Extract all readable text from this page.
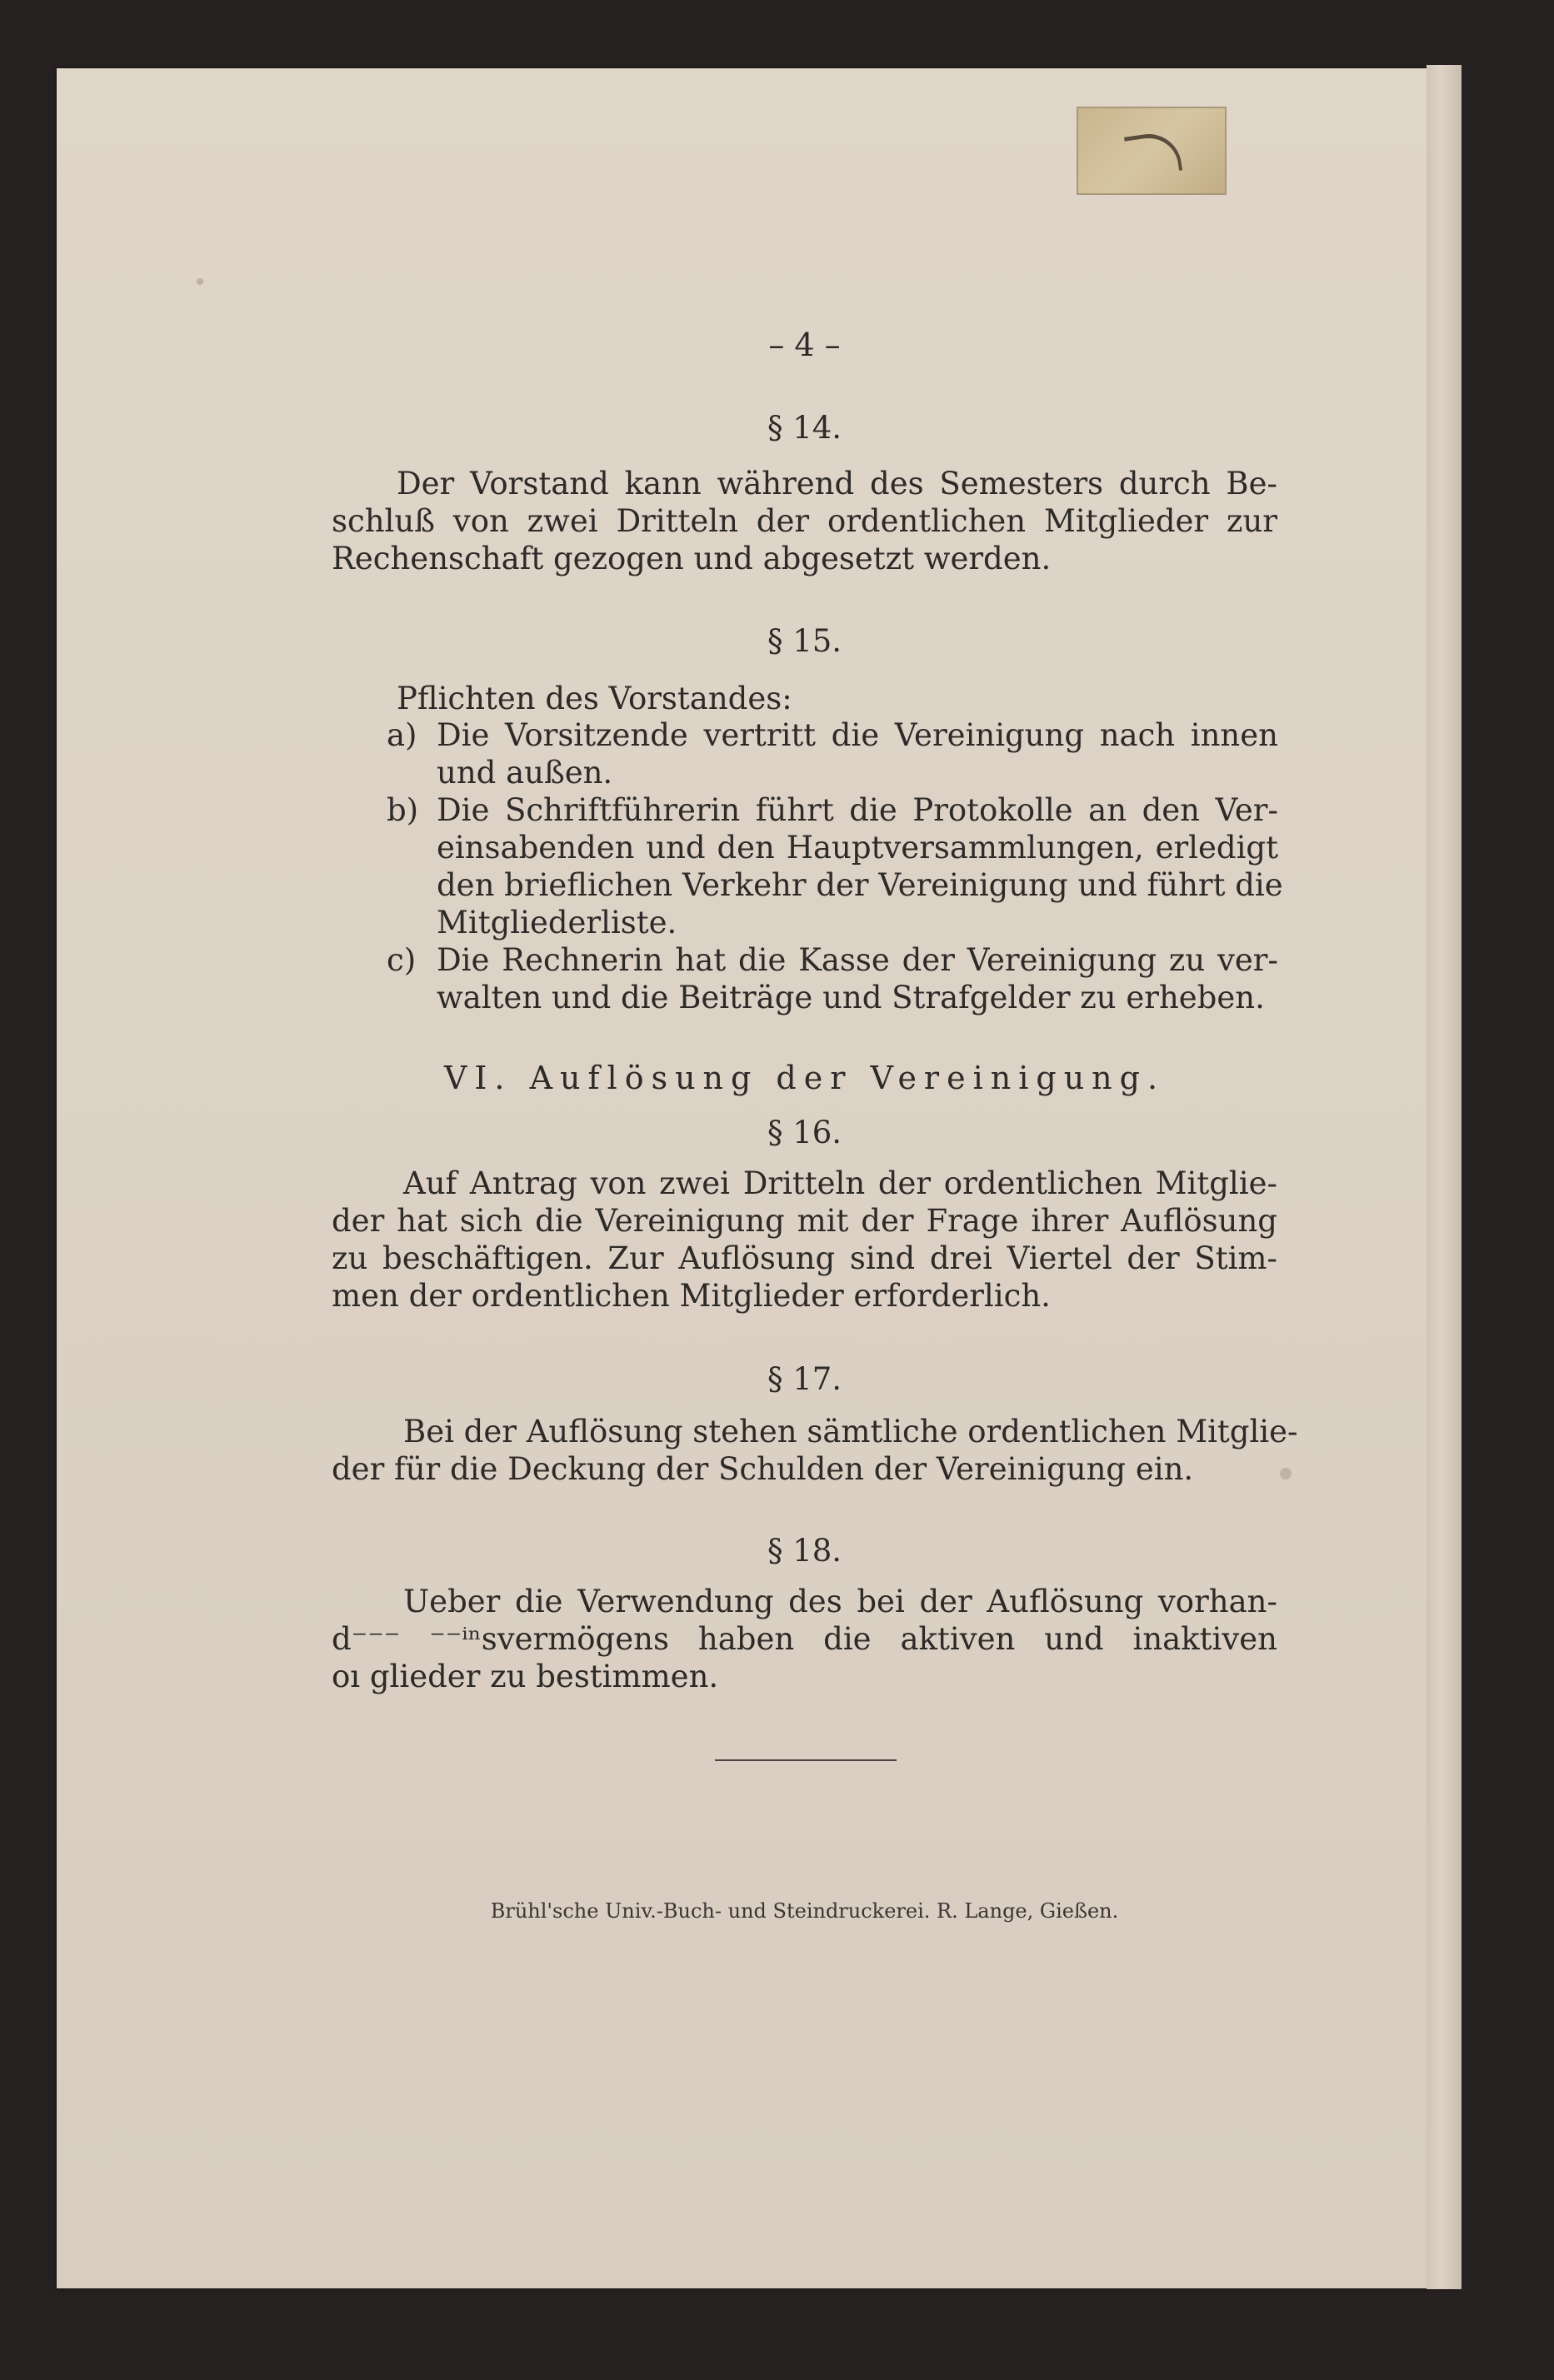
– 4 –
§ 14.
Der Vorstand kann während des Semesters durch Be-
schluß von zwei Dritteln der ordentlichen Mitglieder zur
Rechenschaft gezogen und abgesetzt werden.
§ 15.
Pflichten des Vorstandes:
a) Die Vorsitzende vertritt die Vereinigung nach innen
und außen.
b) Die Schriftführerin führt die Protokolle an den Ver-
einsabenden und den Hauptversammlungen, erledigt
den brieflichen Verkehr der Vereinigung und führt die
Mitgliederliste.
c) Die Rechnerin hat die Kasse der Vereinigung zu ver-
walten und die Beiträge und Strafgelder zu erheben.
VI. Auflösung der Vereinigung.
§ 16.
Auf Antrag von zwei Dritteln der ordentlichen Mitglie-
der hat sich die Vereinigung mit der Frage ihrer Auflösung
zu beschäftigen. Zur Auflösung sind drei Viertel der Stim-
men der ordentlichen Mitglieder erforderlich.
§ 17.
Bei der Auflösung stehen sämtliche ordentlichen Mitglie-
der für die Deckung der Schulden der Vereinigung ein.
§ 18.
Ueber die Verwendung des bei der Auflösung vorhan-
d⁻⁻⁻ ⁻⁻ⁱⁿsvermögens haben die aktiven und inaktiven
oı glieder zu bestimmen.
Brühl'sche Univ.-Buch- und Steindruckerei. R. Lange, Gießen.
